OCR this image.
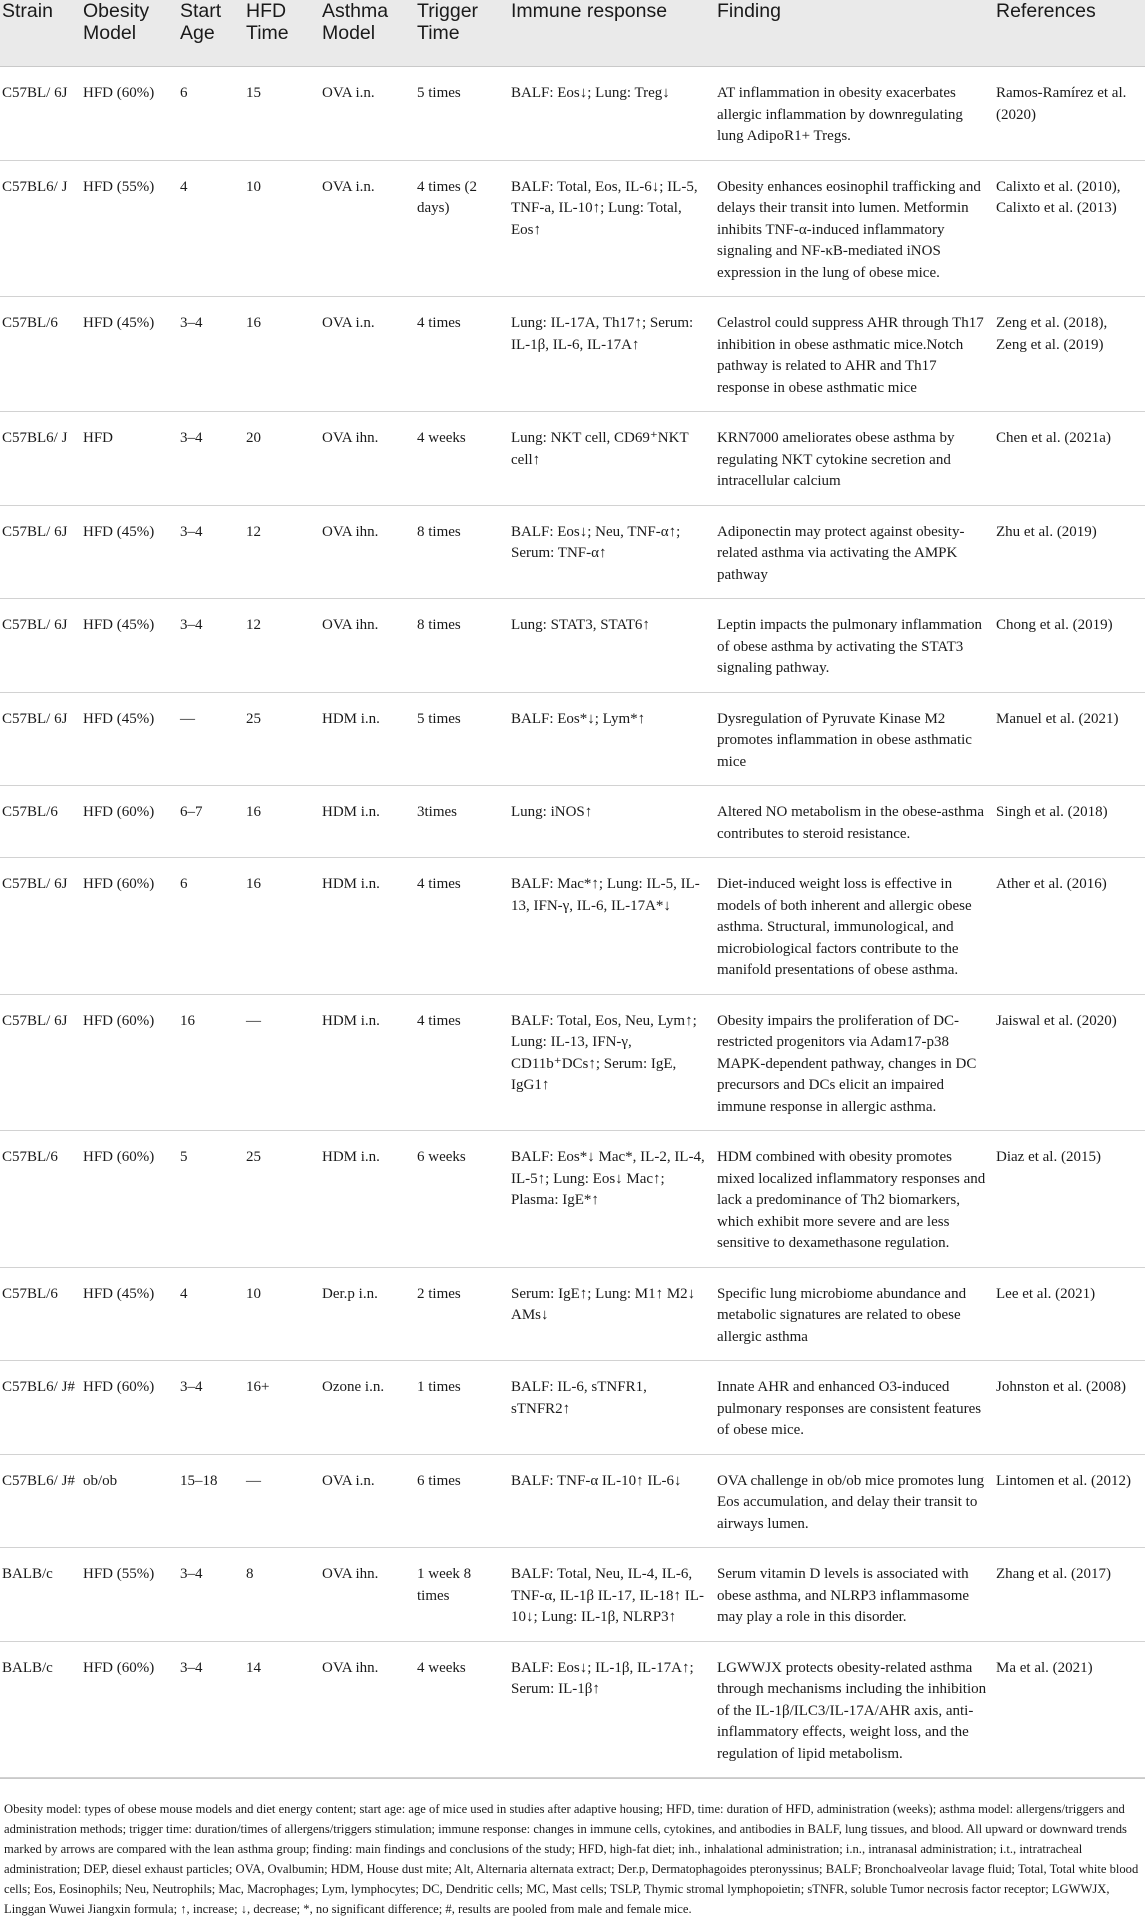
Strain	Obesity Model	Start Age	HFD Time	Asthma Model	Trigger Time	Immune response	Finding	References
C57BL/ 6J	HFD (60%)	6	15	OVA i.n.	5 times	BALF: Eos↓; Lung: Treg↓	AT inflammation in obesity exacerbates allergic inflammation by downregulating lung AdipoR1+ Tregs.	Ramos-Ramírez et al. (2020)
C57BL6/ J	HFD (55%)	4	10	OVA i.n.	4 times (2 days)	BALF: Total, Eos, IL-6↓; IL-5, TNF-a, IL-10↑; Lung: Total, Eos↑	Obesity enhances eosinophil trafficking and delays their transit into lumen. Metformin inhibits TNF-α-induced inflammatory signaling and NF-κB-mediated iNOS expression in the lung of obese mice.	Calixto et al. (2010), Calixto et al. (2013)
C57BL/6	HFD (45%)	3–4	16	OVA i.n.	4 times	Lung: IL-17A, Th17↑; Serum: IL-1β, IL-6, IL-17A↑	Celastrol could suppress AHR through Th17 inhibition in obese asthmatic mice.Notch pathway is related to AHR and Th17 response in obese asthmatic mice	Zeng et al. (2018), Zeng et al. (2019)
C57BL6/ J	HFD	3–4	20	OVA ihn.	4 weeks	Lung: NKT cell, CD69⁺NKT cell↑	KRN7000 ameliorates obese asthma by regulating NKT cytokine secretion and intracellular calcium	Chen et al. (2021a)
C57BL/ 6J	HFD (45%)	3–4	12	OVA ihn.	8 times	BALF: Eos↓; Neu, TNF-α↑; Serum: TNF-α↑	Adiponectin may protect against obesity-related asthma via activating the AMPK pathway	Zhu et al. (2019)
C57BL/ 6J	HFD (45%)	3–4	12	OVA ihn.	8 times	Lung: STAT3, STAT6↑	Leptin impacts the pulmonary inflammation of obese asthma by activating the STAT3 signaling pathway.	Chong et al. (2019)
C57BL/ 6J	HFD (45%)	—	25	HDM i.n.	5 times	BALF: Eos*↓; Lym*↑	Dysregulation of Pyruvate Kinase M2 promotes inflammation in obese asthmatic mice	Manuel et al. (2021)
C57BL/6	HFD (60%)	6–7	16	HDM i.n.	3times	Lung: iNOS↑	Altered NO metabolism in the obese-asthma contributes to steroid resistance.	Singh et al. (2018)
C57BL/ 6J	HFD (60%)	6	16	HDM i.n.	4 times	BALF: Mac*↑; Lung: IL-5, IL-13, IFN-γ, IL-6, IL-17A*↓	Diet-induced weight loss is effective in models of both inherent and allergic obese asthma. Structural, immunological, and microbiological factors contribute to the manifold presentations of obese asthma.	Ather et al. (2016)
C57BL/ 6J	HFD (60%)	16	—	HDM i.n.	4 times	BALF: Total, Eos, Neu, Lym↑; Lung: IL-13, IFN-γ, CD11b⁺DCs↑; Serum: IgE, IgG1↑	Obesity impairs the proliferation of DC-restricted progenitors via Adam17-p38 MAPK-dependent pathway, changes in DC precursors and DCs elicit an impaired immune response in allergic asthma.	Jaiswal et al. (2020)
C57BL/6	HFD (60%)	5	25	HDM i.n.	6 weeks	BALF: Eos*↓ Mac*, IL-2, IL-4, IL-5↑; Lung: Eos↓ Mac↑; Plasma: IgE*↑	HDM combined with obesity promotes mixed localized inflammatory responses and lack a predominance of Th2 biomarkers, which exhibit more severe and are less sensitive to dexamethasone regulation.	Diaz et al. (2015)
C57BL/6	HFD (45%)	4	10	Der.p i.n.	2 times	Serum: IgE↑; Lung: M1↑ M2↓ AMs↓	Specific lung microbiome abundance and metabolic signatures are related to obese allergic asthma	Lee et al. (2021)
C57BL6/ J#	HFD (60%)	3–4	16+	Ozone i.n.	1 times	BALF: IL-6, sTNFR1, sTNFR2↑	Innate AHR and enhanced O3-induced pulmonary responses are consistent features of obese mice.	Johnston et al. (2008)
C57BL6/ J#	ob/ob	15–18	—	OVA i.n.	6 times	BALF: TNF-α IL-10↑ IL-6↓	OVA challenge in ob/ob mice promotes lung Eos accumulation, and delay their transit to airways lumen.	Lintomen et al. (2012)
BALB/c	HFD (55%)	3–4	8	OVA ihn.	1 week 8 times	BALF: Total, Neu, IL-4, IL-6, TNF-α, IL-1β IL-17, IL-18↑ IL-10↓; Lung: IL-1β, NLRP3↑	Serum vitamin D levels is associated with obese asthma, and NLRP3 inflammasome may play a role in this disorder.	Zhang et al. (2017)
BALB/c	HFD (60%)	3–4	14	OVA ihn.	4 weeks	BALF: Eos↓; IL-1β, IL-17A↑; Serum: IL-1β↑	LGWWJX protects obesity-related asthma through mechanisms including the inhibition of the IL-1β/ILC3/IL-17A/AHR axis, anti-inflammatory effects, weight loss, and the regulation of lipid metabolism.	Ma et al. (2021)

Obesity model: types of obese mouse models and diet energy content; start age: age of mice used in studies after adaptive housing; HFD, time: duration of HFD, administration (weeks); asthma model: allergens/triggers and administration methods; trigger time: duration/times of allergens/triggers stimulation; immune response: changes in immune cells, cytokines, and antibodies in BALF, lung tissues, and blood. All upward or downward trends marked by arrows are compared with the lean asthma group; finding: main findings and conclusions of the study; HFD, high-fat diet; inh., inhalational administration; i.n., intranasal administration; i.t., intratracheal administration; DEP, diesel exhaust particles; OVA, Ovalbumin; HDM, House dust mite; Alt, Alternaria alternata extract; Der.p, Dermatophagoides pteronyssinus; BALF; Bronchoalveolar lavage fluid; Total, Total white blood cells; Eos, Eosinophils; Neu, Neutrophils; Mac, Macrophages; Lym, lymphocytes; DC, Dendritic cells; MC, Mast cells; TSLP, Thymic stromal lymphopoietin; sTNFR, soluble Tumor necrosis factor receptor; LGWWJX, Linggan Wuwei Jiangxin formula; ↑, increase; ↓, decrease; *, no significant difference; #, results are pooled from male and female mice.
